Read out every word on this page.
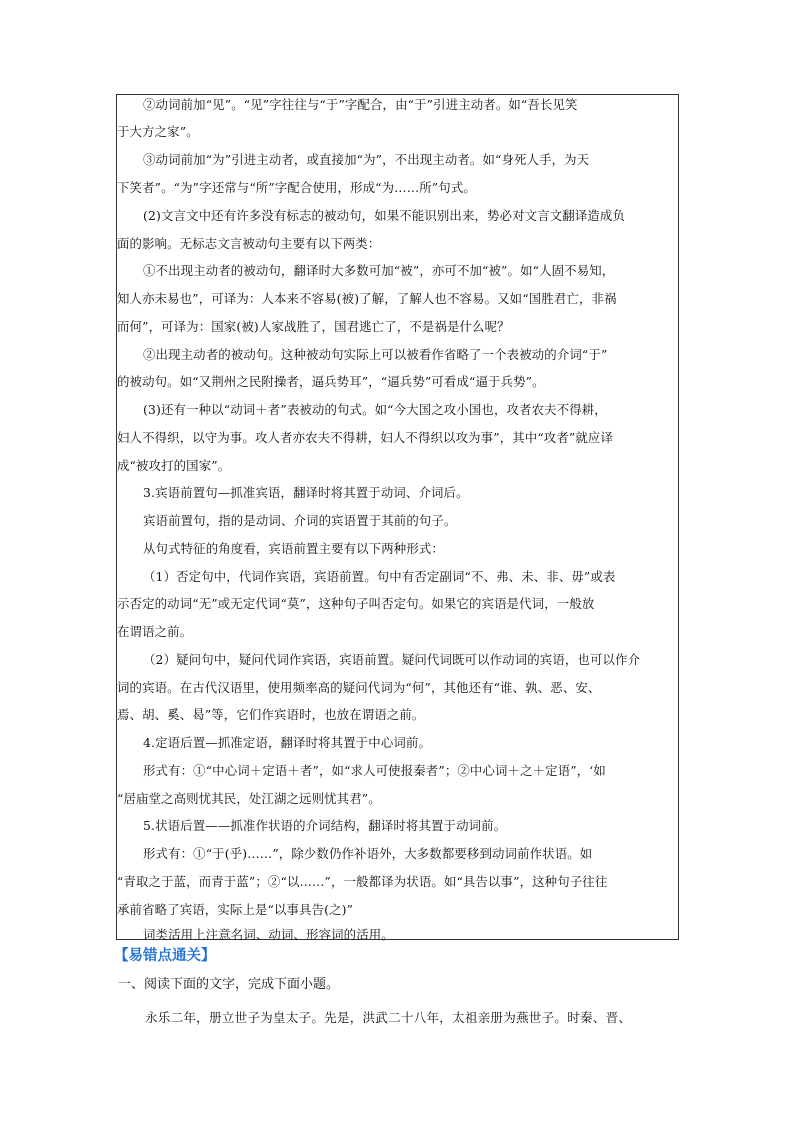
②动词前加“见”。“见”字往往与“于”字配合，由“于”引进主动者。如“吾长见笑
于大方之家”。
③动词前加“为”引进主动者，或直接加“为”，不出现主动者。如“身死人手，为天
下笑者”。“为”字还常与“所”字配合使用，形成“为……所”句式。
(2)文言文中还有许多没有标志的被动句，如果不能识别出来，势必对文言文翻译造成负
面的影响。无标志文言被动句主要有以下两类：
①不出现主动者的被动句，翻译时大多数可加“被”，亦可不加“被”。如“人固不易知，
知人亦未易也”，可译为：人本来不容易(被)了解，了解人也不容易。又如“国胜君亡，非祸
而何”，可译为：国家(被)人家战胜了，国君逃亡了，不是祸是什么呢？
②出现主动者的被动句。这种被动句实际上可以被看作省略了一个表被动的介词“于”
的被动句。如“又荆州之民附操者，逼兵势耳”，“逼兵势”可看成“逼于兵势”。
(3)还有一种以“动词＋者”表被动的句式。如“今大国之攻小国也，攻者农夫不得耕，
妇人不得织，以守为事。攻人者亦农夫不得耕，妇人不得织以攻为事”，其中“攻者”就应译
成“被攻打的国家”。
3.宾语前置句—抓准宾语，翻译时将其置于动词、介词后。
宾语前置句，指的是动词、介词的宾语置于其前的句子。
从句式特征的角度看，宾语前置主要有以下两种形式：
（1）否定句中，代词作宾语，宾语前置。句中有否定副词“不、弗、未、非、毋”或表
示否定的动词“无”或无定代词“莫”，这种句子叫否定句。如果它的宾语是代词，一般放
在谓语之前。
（2）疑问句中，疑问代词作宾语，宾语前置。疑问代词既可以作动词的宾语，也可以作介
词的宾语。在古代汉语里，使用频率高的疑问代词为“何”，其他还有“谁、孰、恶、安、
焉、胡、奚、曷”等，它们作宾语时，也放在谓语之前。
4.定语后置—抓准定语，翻译时将其置于中心词前。
形式有：①“中心词＋定语＋者”，如“求人可使报秦者”；②中心词＋之＋定语”，‘如
“居庙堂之高则忧其民，处江湖之远则忧其君”。
5.状语后置——抓准作状语的介词结构，翻译时将其置于动词前。
形式有：①“于(乎)……”，除少数仍作补语外，大多数都要移到动词前作状语。如
“青取之于蓝，而青于蓝”；②“以……”，一般都译为状语。如“具告以事”，这种句子往往
承前省略了宾语，实际上是“以事具告(之)”
词类活用上注意名词、动词、形容词的活用。
【易错点通关】
一、阅读下面的文字，完成下面小题。
永乐二年，册立世子为皇太子。先是，洪武二十八年，太祖亲册为燕世子。时秦、晋、
